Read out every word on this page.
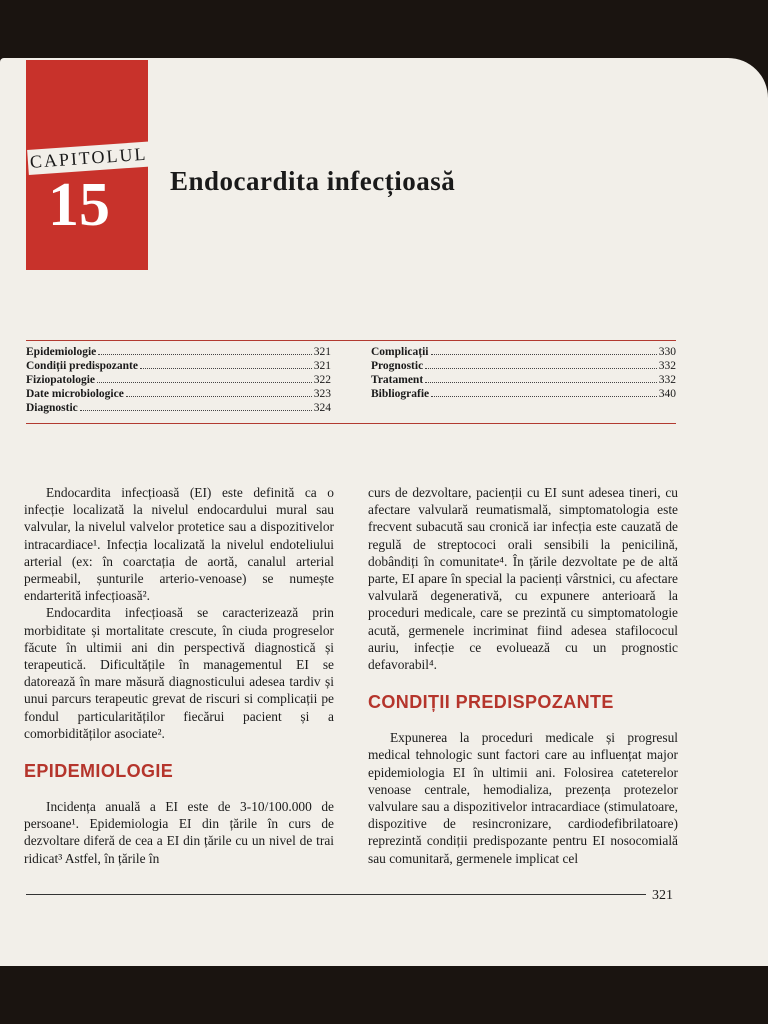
CAPITOLUL
15 Endocardita infecțioasă
Epidemiologie	321
Condiții predispozante	321
Fiziopatologie	322
Date microbiologice	323
Diagnostic	324
Complicații	330
Prognostic	332
Tratament	332
Bibliografie	340

Endocardita infecțioasă (EI) este definită ca o infecție localizată la nivelul endocardului mural sau valvular, la nivelul valvelor protetice sau a dispozitivelor intracardiace¹. Infecția localizată la nivelul endoteliului arterial (ex: în coarctația de aortă, canalul arterial permeabil, șunturile arterio-venoase) se numește endarterită infecțioasă².

Endocardita infecțioasă se caracterizează prin morbiditate și mortalitate crescute, în ciuda progreselor făcute în ultimii ani din perspectivă diagnostică și terapeutică. Dificultățile în managementul EI se datorează în mare măsură diagnosticului adesea tardiv și unui parcurs terapeutic grevat de riscuri si complicații pe fondul particularităților fiecărui pacient și a comorbidităților asociate².

EPIDEMIOLOGIE

Incidența anuală a EI este de 3-10/100.000 de persoane¹. Epidemiologia EI din țările în curs de dezvoltare diferă de cea a EI din țările cu un nivel de trai ridicat³ Astfel, în țările în

curs de dezvoltare, pacienții cu EI sunt adesea tineri, cu afectare valvulară reumatismală, simptomatologia este frecvent subacută sau cronică iar infecția este cauzată de regulă de streptococi orali sensibili la penicilină, dobândiți în comunitate⁴. În țările dezvoltate pe de altă parte, EI apare în special la pacienți vârstnici, cu afectare valvulară degenerativă, cu expunere anterioară la proceduri medicale, care se prezintă cu simptomatologie acută, germenele incriminat fiind adesea stafilococul auriu, infecție ce evoluează cu un prognostic defavorabil⁴.

CONDIȚII PREDISPOZANTE

Expunerea la proceduri medicale și progresul medical tehnologic sunt factori care au influențat major epidemiologia EI în ultimii ani. Folosirea cateterelor venoase centrale, hemodializa, prezența protezelor valvulare sau a dispozitivelor intracardiace (stimulatoare, dispozitive de resincronizare, cardiodefibrilatoare) reprezintă condiții predispozante pentru EI nosocomială sau comunitară, germenele implicat cel

321
